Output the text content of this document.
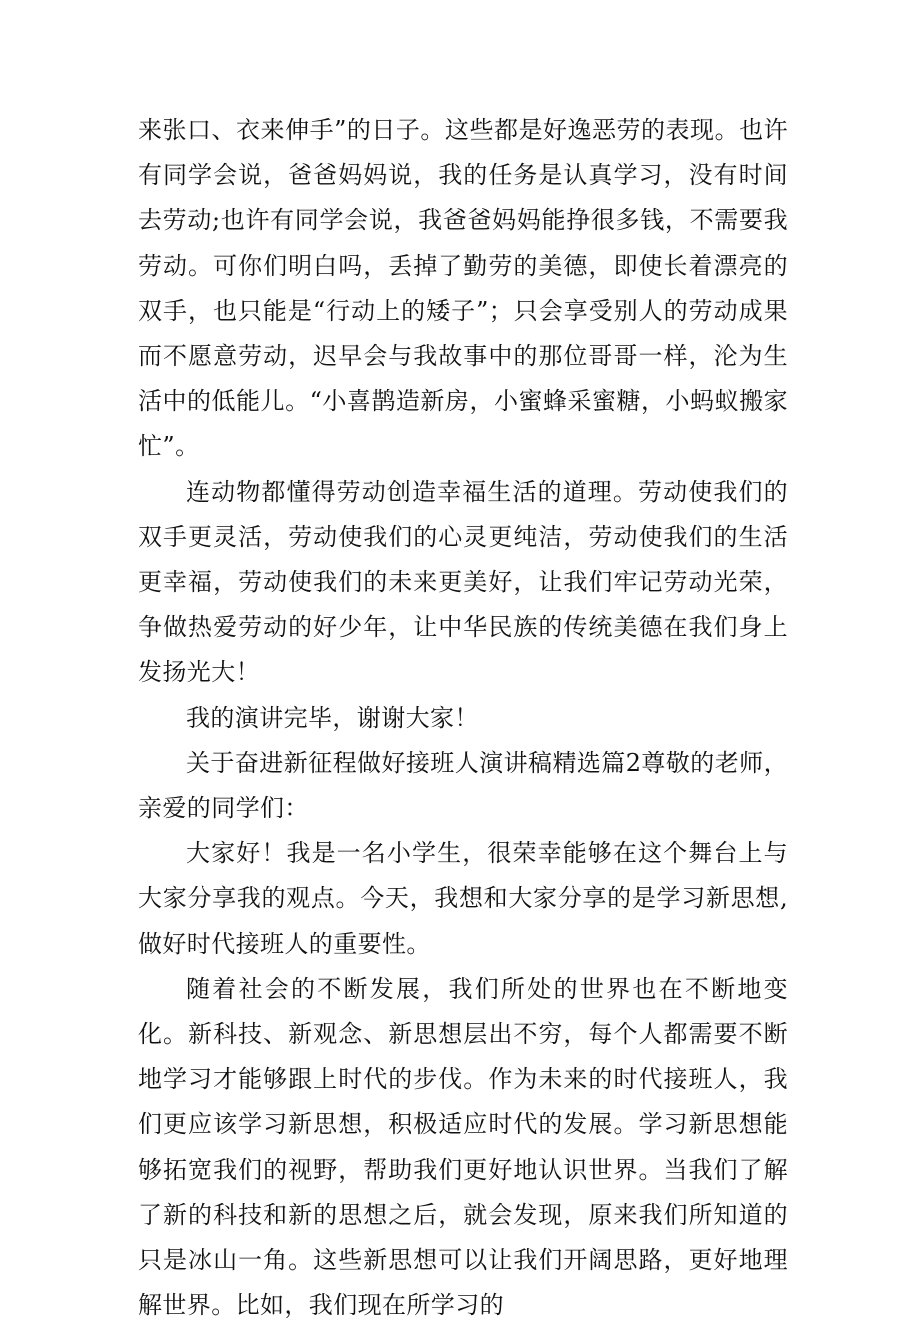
来张口、衣来伸手”的日子。这些都是好逸恶劳的表现。也许有同学会说，爸爸妈妈说，我的任务是认真学习，没有时间去劳动;也许有同学会说，我爸爸妈妈能挣很多钱，不需要我劳动。可你们明白吗，丢掉了勤劳的美德，即使长着漂亮的双手，也只能是“行动上的矮子”；只会享受别人的劳动成果而不愿意劳动，迟早会与我故事中的那位哥哥一样，沦为生活中的低能儿。“小喜鹊造新房，小蜜蜂采蜜糖，小蚂蚁搬家忙”。

连动物都懂得劳动创造幸福生活的道理。劳动使我们的双手更灵活，劳动使我们的心灵更纯洁，劳动使我们的生活更幸福，劳动使我们的未来更美好，让我们牢记劳动光荣，争做热爱劳动的好少年，让中华民族的传统美德在我们身上发扬光大！

我的演讲完毕，谢谢大家！

关于奋进新征程做好接班人演讲稿精选篇2尊敬的老师，亲爱的同学们：

大家好！我是一名小学生，很荣幸能够在这个舞台上与大家分享我的观点。今天，我想和大家分享的是学习新思想,做好时代接班人的重要性。

随着社会的不断发展，我们所处的世界也在不断地变化。新科技、新观念、新思想层出不穷，每个人都需要不断地学习才能够跟上时代的步伐。作为未来的时代接班人，我们更应该学习新思想，积极适应时代的发展。学习新思想能够拓宽我们的视野，帮助我们更好地认识世界。当我们了解了新的科技和新的思想之后，就会发现，原来我们所知道的只是冰山一角。这些新思想可以让我们开阔思路，更好地理解世界。比如，我们现在所学习的
